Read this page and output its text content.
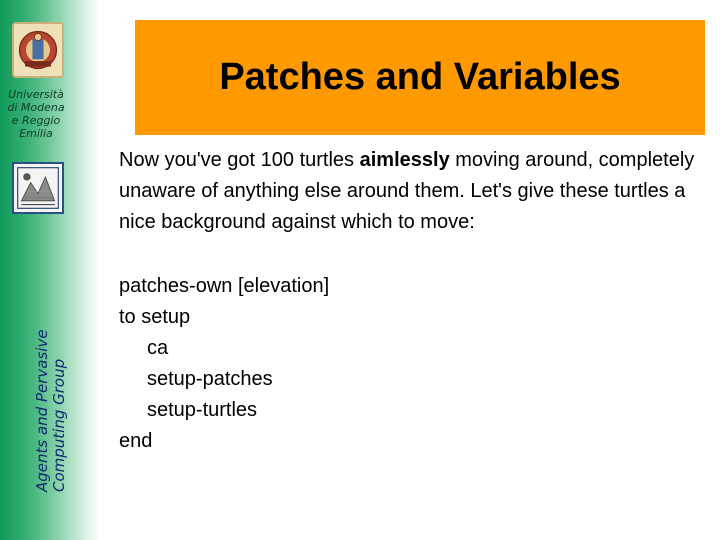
Università
di Modena
e Reggio
Emilia
Agents and Pervasive Computing Group
Patches and Variables
Now you've got 100 turtles aimlessly moving around, completely unaware of anything else around them. Let's give these turtles a nice background against which to move:
patches-own [elevation]
to setup
ca
setup-patches
setup-turtles
end
